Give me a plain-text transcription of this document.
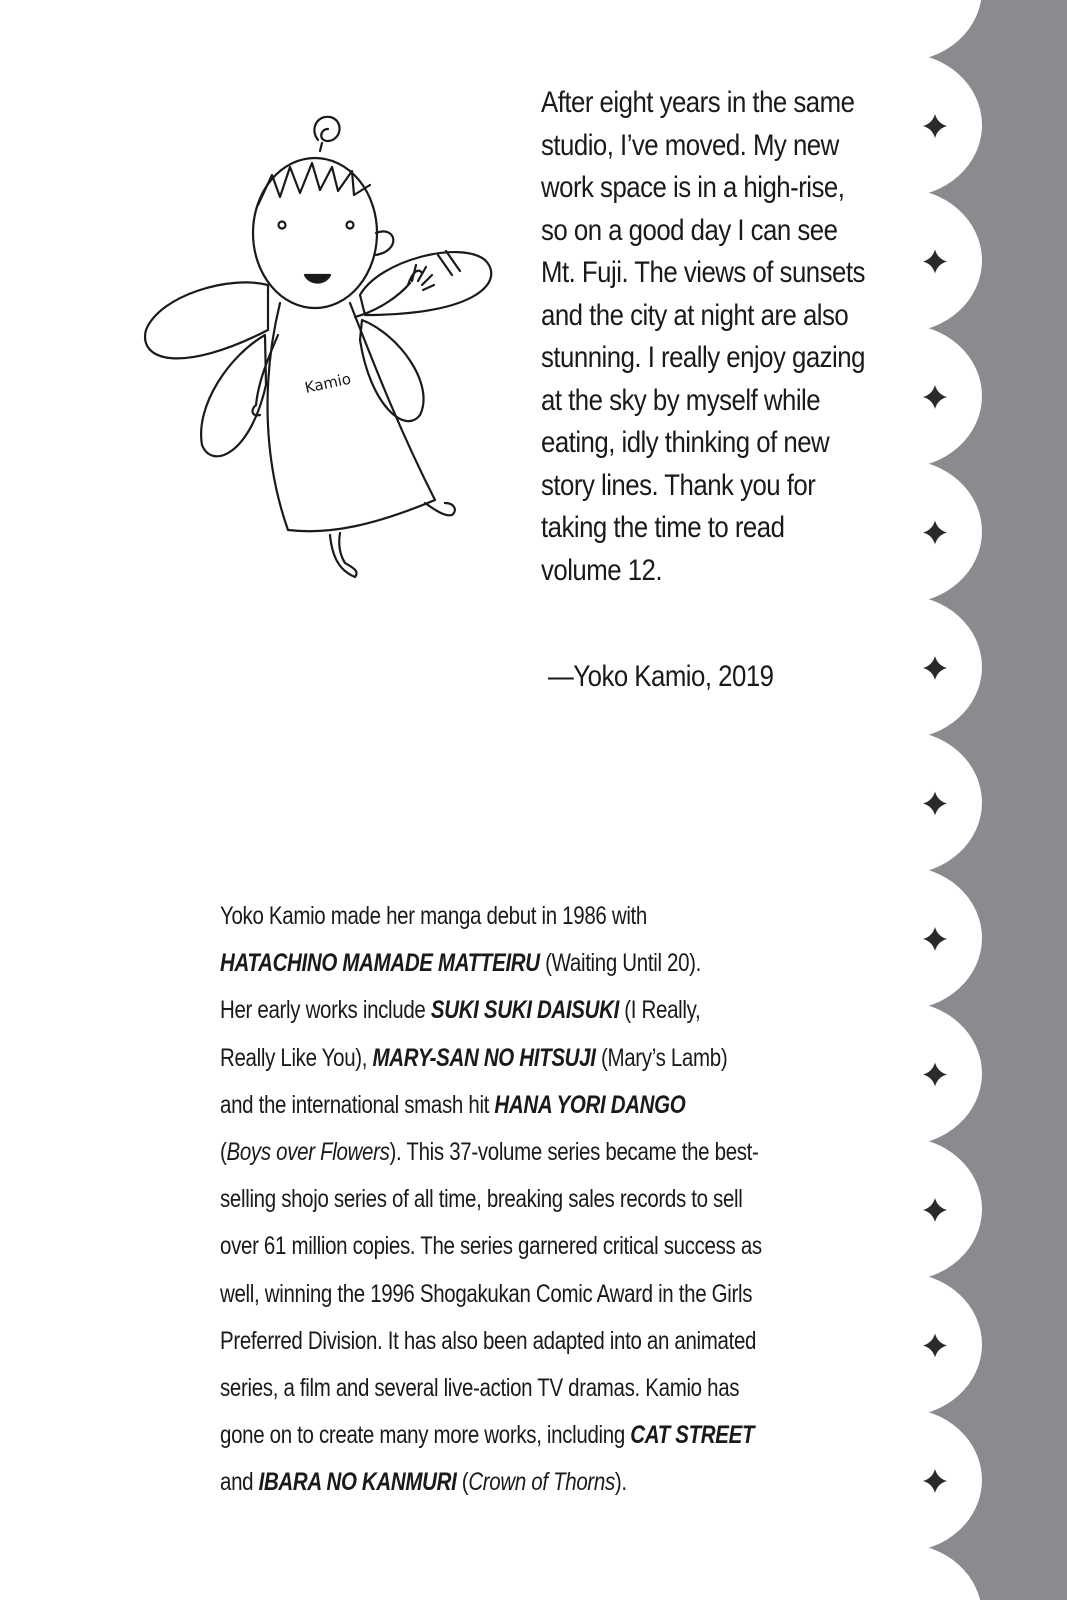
Kamio
After eight years in the same
studio, I’ve moved. My new
work space is in a high-rise,
so on a good day I can see
Mt. Fuji. The views of sunsets
and the city at night are also
stunning. I really enjoy gazing
at the sky by myself while
eating, idly thinking of new
story lines. Thank you for
taking the time to read
volume 12.
—Yoko Kamio, 2019
Yoko Kamio made her manga debut in 1986 with
HATACHINO MAMADE MATTEIRU (Waiting Until 20).
Her early works include SUKI SUKI DAISUKI (I Really,
Really Like You), MARY-SAN NO HITSUJI (Mary’s Lamb)
and the international smash hit HANA YORI DANGO
(Boys over Flowers). This 37-volume series became the best-
selling shojo series of all time, breaking sales records to sell
over 61 million copies. The series garnered critical success as
well, winning the 1996 Shogakukan Comic Award in the Girls
Preferred Division. It has also been adapted into an animated
series, a film and several live-action TV dramas. Kamio has
gone on to create many more works, including CAT STREET
and IBARA NO KANMURI (Crown of Thorns).
